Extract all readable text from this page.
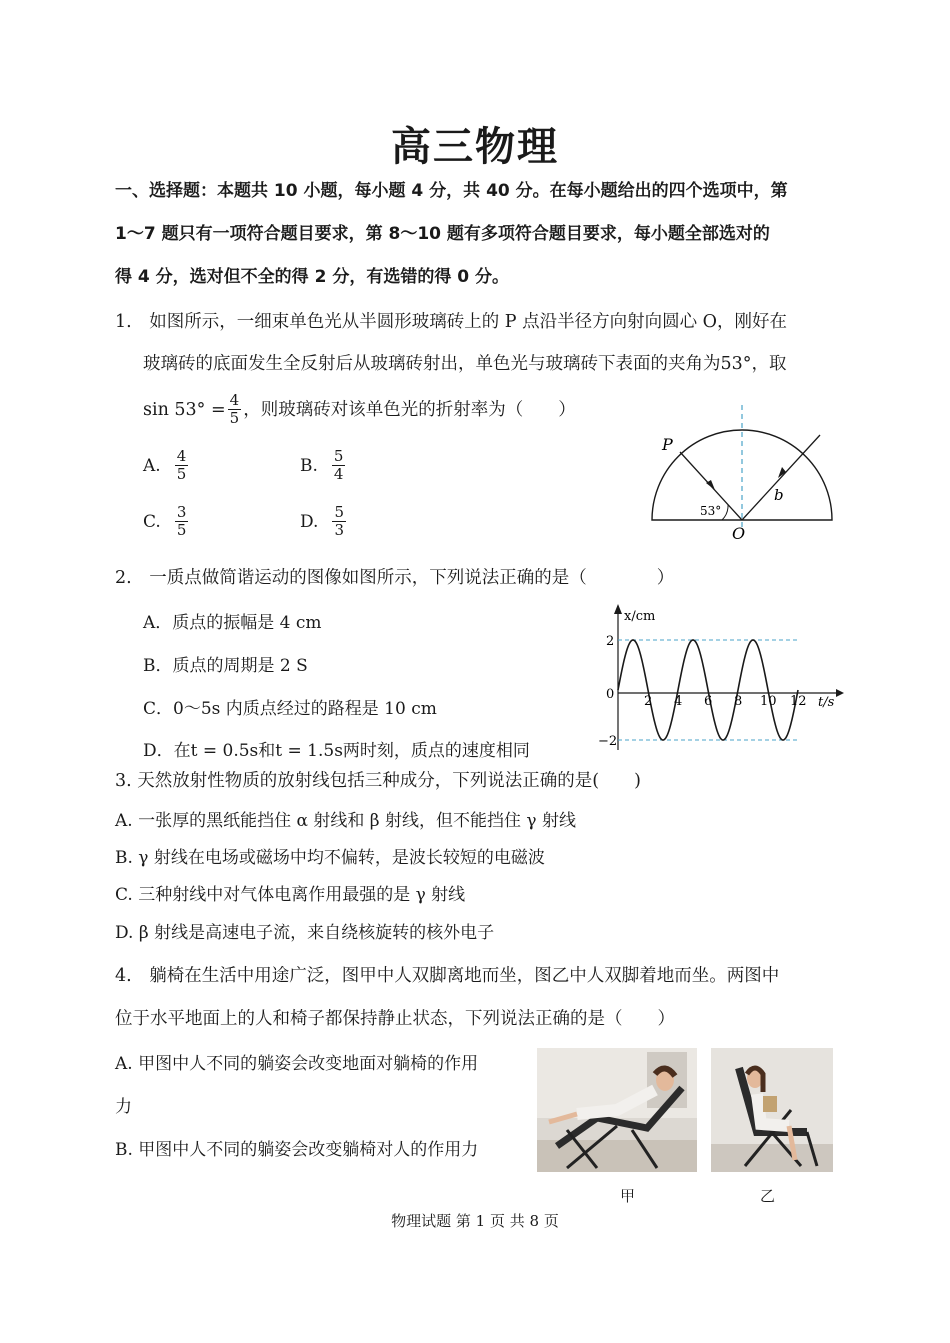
高三物理
一、选择题：本题共 10 小题，每小题 4 分，共 40 分。在每小题给出的四个选项中，第
1～7 题只有一项符合题目要求，第 8～10 题有多项符合题目要求，每小题全部选对的
得 4 分，选对但不全的得 2 分，有选错的得 0 分。
1.　如图所示，一细束单色光从半圆形玻璃砖上的 P 点沿半径方向射向圆心 O，刚好在
玻璃砖的底面发生全反射后从玻璃砖射出，单色光与玻璃砖下表面的夹角为53°，取
$\sin 53^\circ = \frac{4}{5}$ ，则玻璃砖对该单色光的折射率为（　　）
A. $\frac{4}{5}$	B. $\frac{5}{4}$
C. $\frac{3}{5}$	D. $\frac{5}{3}$
P
O
b
53°
2.　一质点做简谐运动的图像如图所示，下列说法正确的是（　　　　）
A．质点的振幅是 4 cm
B．质点的周期是 2 S
C．0～5s 内质点经过的路程是 10 cm
D．在t = 0.5s和t = 1.5s两时刻，质点的速度相同
2 4 6 8 10 12
x/cm
t/s
2
0
−2
3. 天然放射性物质的放射线包括三种成分，下列说法正确的是(　　)
A. 一张厚的黑纸能挡住 α 射线和 β 射线，但不能挡住 γ 射线
B. γ 射线在电场或磁场中均不偏转，是波长较短的电磁波
C. 三种射线中对气体电离作用最强的是 γ 射线
D. β 射线是高速电子流，来自绕核旋转的核外电子
4.　躺椅在生活中用途广泛，图甲中人双脚离地而坐，图乙中人双脚着地而坐。两图中
位于水平地面上的人和椅子都保持静止状态，下列说法正确的是（　　）
A. 甲图中人不同的躺姿会改变地面对躺椅的作用
力
B. 甲图中人不同的躺姿会改变躺椅对人的作用力
甲	乙
物理试题 第 1 页 共 8 页
